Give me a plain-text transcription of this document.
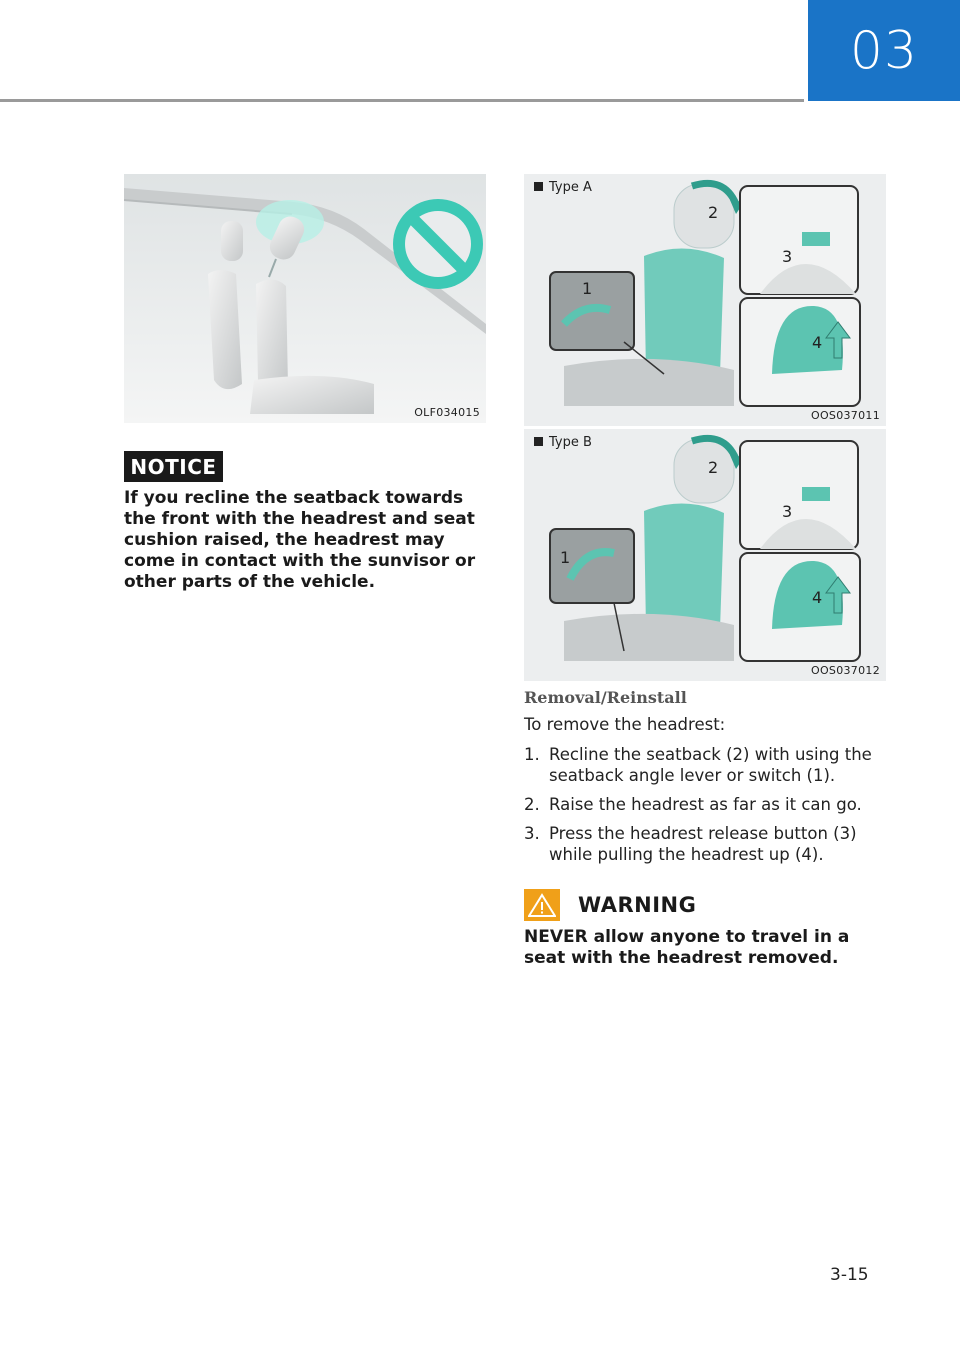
03
OLF034015
NOTICE
If you recline the seatback towards the front with the headrest and seat cushion raised, the headrest may come in contact with the sunvisor or other parts of the vehicle.
1
2
3
4
Type A
OOS037011
1
2
3
4
Type B
OOS037012
Removal/Reinstall
To remove the headrest:
1. Recline the seatback (2) with using the seatback angle lever or switch (1).
2. Raise the headrest as far as it can go.
3. Press the headrest release button (3) while pulling the headrest up (4).
WARNING
NEVER allow anyone to travel in a seat with the headrest removed.
3-15
